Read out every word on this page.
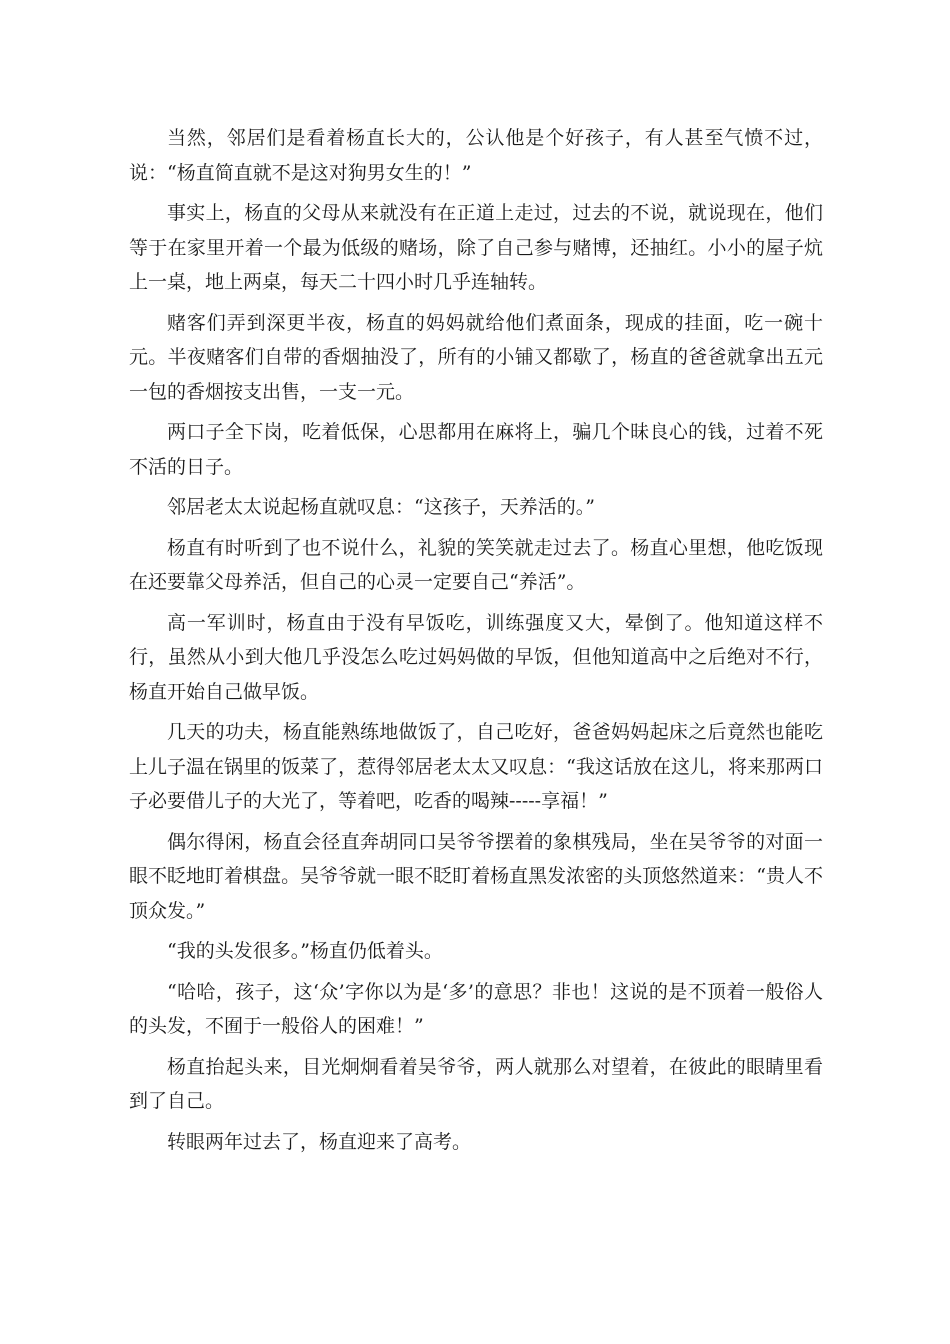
当然，邻居们是看着杨直长大的，公认他是个好孩子，有人甚至气愤不过，说：“杨直简直就不是这对狗男女生的！”

事实上，杨直的父母从来就没有在正道上走过，过去的不说，就说现在，他们等于在家里开着一个最为低级的赌场，除了自己参与赌博，还抽红。小小的屋子炕上一桌，地上两桌，每天二十四小时几乎连轴转。

赌客们弄到深更半夜，杨直的妈妈就给他们煮面条，现成的挂面，吃一碗十元。半夜赌客们自带的香烟抽没了，所有的小铺又都歇了，杨直的爸爸就拿出五元一包的香烟按支出售，一支一元。

两口子全下岗，吃着低保，心思都用在麻将上，骗几个昧良心的钱，过着不死不活的日子。

邻居老太太说起杨直就叹息：“这孩子，天养活的。”

杨直有时听到了也不说什么，礼貌的笑笑就走过去了。杨直心里想，他吃饭现在还要靠父母养活，但自己的心灵一定要自己“养活”。

高一军训时，杨直由于没有早饭吃，训练强度又大，晕倒了。他知道这样不行，虽然从小到大他几乎没怎么吃过妈妈做的早饭，但他知道高中之后绝对不行，杨直开始自己做早饭。

几天的功夫，杨直能熟练地做饭了，自己吃好，爸爸妈妈起床之后竟然也能吃上儿子温在锅里的饭菜了，惹得邻居老太太又叹息：“我这话放在这儿，将来那两口子必要借儿子的大光了，等着吧，吃香的喝辣-----享福！”

偶尔得闲，杨直会径直奔胡同口吴爷爷摆着的象棋残局，坐在吴爷爷的对面一眼不眨地盯着棋盘。吴爷爷就一眼不眨盯着杨直黑发浓密的头顶悠然道来：“贵人不顶众发。”

“我的头发很多。”杨直仍低着头。

“哈哈，孩子，这‘众’字你以为是‘多’的意思？非也！这说的是不顶着一般俗人的头发，不囿于一般俗人的困难！”

杨直抬起头来，目光炯炯看着吴爷爷，两人就那么对望着，在彼此的眼睛里看到了自己。

转眼两年过去了，杨直迎来了高考。
